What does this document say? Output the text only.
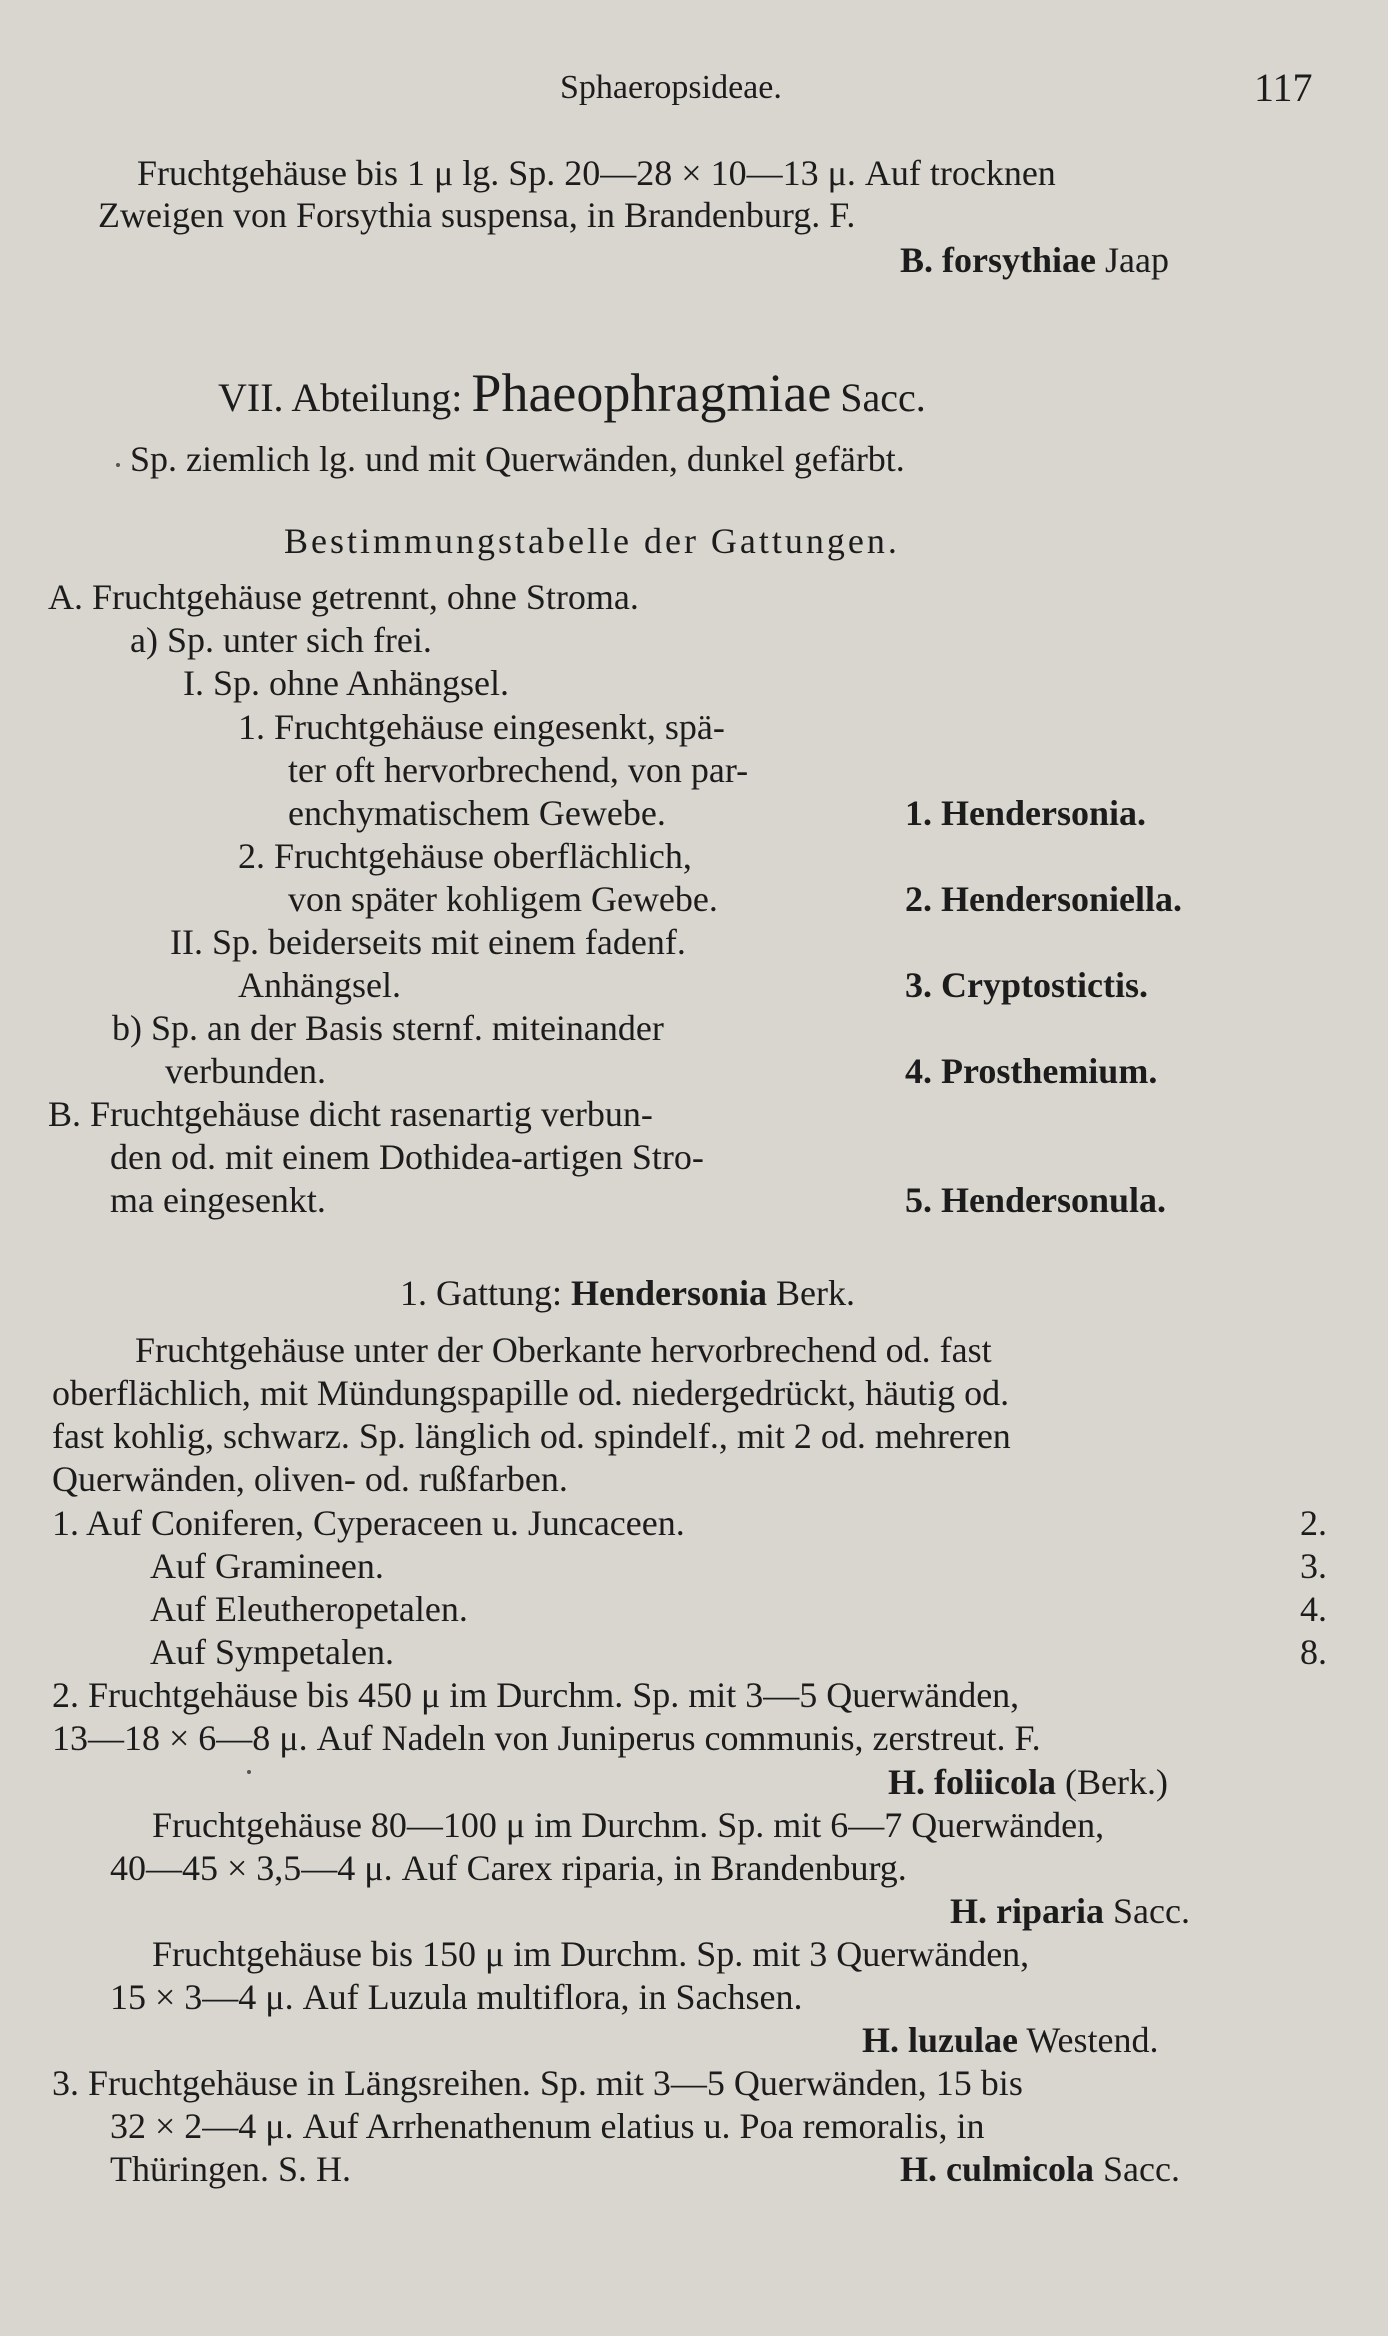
Sphaeropsideae.	117
Fruchtgehäuse bis 1 μ lg. Sp. 20—28 × 10—13 μ. Auf trocknen
Zweigen von Forsythia suspensa, in Brandenburg. F.
B. forsythiae Jaap
VII. Abteilung: Phaeophragmiae Sacc.
Sp. ziemlich lg. und mit Querwänden, dunkel gefärbt.
Bestimmungstabelle der Gattungen.
A. Fruchtgehäuse getrennt, ohne Stroma.
a) Sp. unter sich frei.
I. Sp. ohne Anhängsel.
1. Fruchtgehäuse eingesenkt, spä-
ter oft hervorbrechend, von par-
enchymatischem Gewebe.
2. Fruchtgehäuse oberflächlich,
von später kohligem Gewebe.
II. Sp. beiderseits mit einem fadenf.
Anhängsel.
b) Sp. an der Basis sternf. miteinander
verbunden.
B. Fruchtgehäuse dicht rasenartig verbun-
den od. mit einem Dothidea-artigen Stro-
ma eingesenkt.
1. Hendersonia.
2. Hendersoniella.
3. Cryptostictis.
4. Prosthemium.
5. Hendersonula.
1. Gattung: Hendersonia Berk.
Fruchtgehäuse unter der Oberkante hervorbrechend od. fast
oberflächlich, mit Mündungspapille od. niedergedrückt, häutig od.
fast kohlig, schwarz. Sp. länglich od. spindelf., mit 2 od. mehreren
Querwänden, oliven- od. rußfarben.
1. Auf Coniferen, Cyperaceen u. Juncaceen.
Auf Gramineen.
Auf Eleutheropetalen.
Auf Sympetalen.
2.
3.
4.
8.
2. Fruchtgehäuse bis 450 μ im Durchm. Sp. mit 3—5 Querwänden,
13—18 × 6—8 μ. Auf Nadeln von Juniperus communis, zerstreut. F.
H. foliicola (Berk.)
Fruchtgehäuse 80—100 μ im Durchm. Sp. mit 6—7 Querwänden,
40—45 × 3,5—4 μ. Auf Carex riparia, in Brandenburg.
H. riparia Sacc.
Fruchtgehäuse bis 150 μ im Durchm. Sp. mit 3 Querwänden,
15 × 3—4 μ. Auf Luzula multiflora, in Sachsen.
H. luzulae Westend.
3. Fruchtgehäuse in Längsreihen. Sp. mit 3—5 Querwänden, 15 bis
32 × 2—4 μ. Auf Arrhenathenum elatius u. Poa remoralis, in
Thüringen. S. H.	H. culmicola Sacc.
